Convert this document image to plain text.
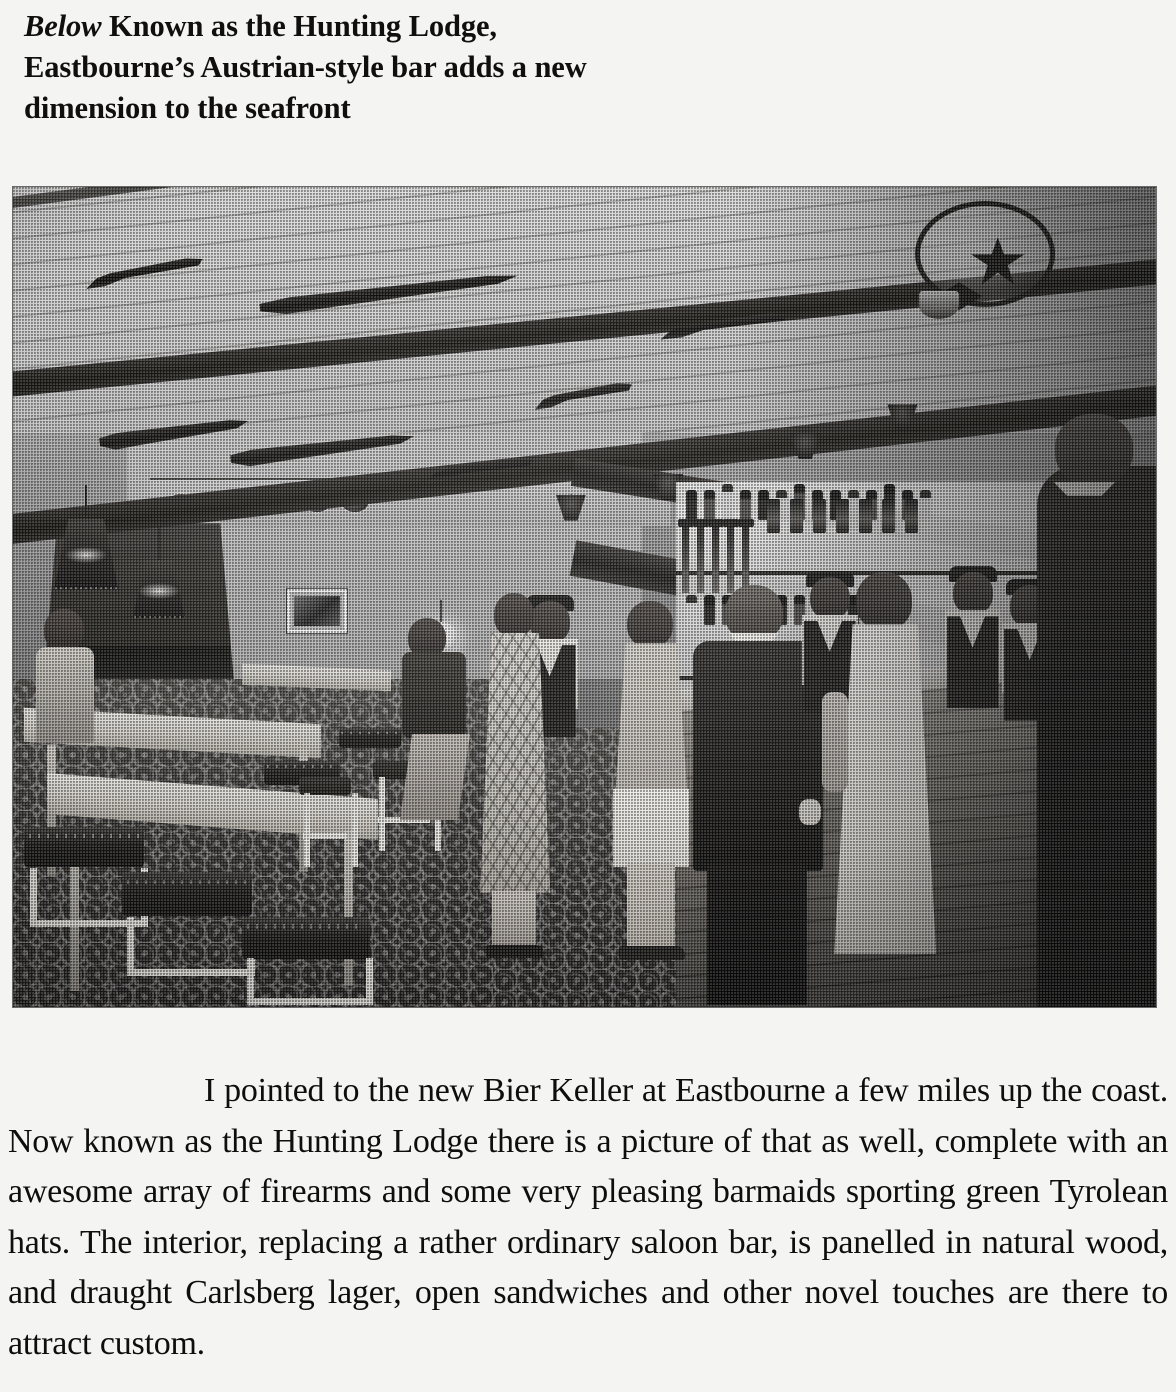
Below Known as the Hunting Lodge, Eastbourne’s Austrian-style bar adds a new dimension to the seafront

I pointed to the new Bier Keller at Eastbourne a few miles up the coast. Now known as the Hunting Lodge there is a picture of that as well, complete with an awesome array of firearms and some very pleasing barmaids sporting green Tyrolean hats. The interior, replacing a rather ordinary saloon bar, is panelled in natural wood, and draught Carlsberg lager, open sandwiches and other novel touches are there to attract custom.
